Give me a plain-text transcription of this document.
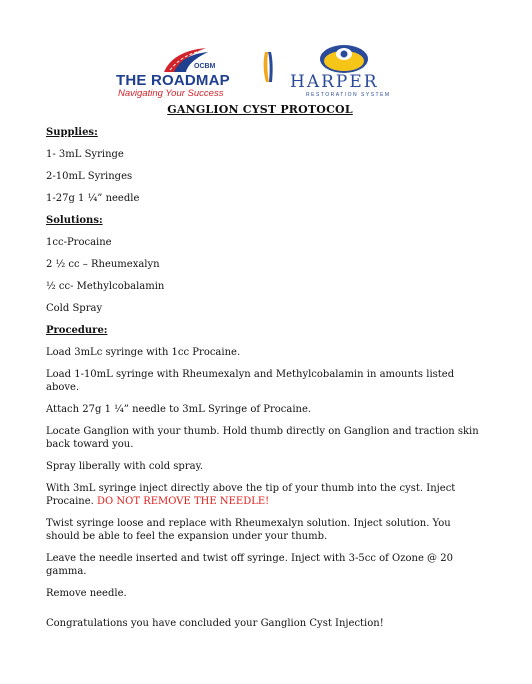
OCBM
THE ROADMAP
Navigating Your Success
HARPER
RESTORATION SYSTEM
GANGLION CYST PROTOCOL
Supplies:
1- 3mL Syringe
2-10mL Syringes
1-27g 1 ¼” needle
Solutions:
1cc-Procaine
2 ½ cc – Rheumexalyn
½ cc- Methylcobalamin
Cold Spray
Procedure:
Load 3mLc syringe with 1cc Procaine.
Load 1-10mL syringe with Rheumexalyn and Methylcobalamin in amounts listed above.
Attach 27g 1 ¼” needle to 3mL Syringe of Procaine.
Locate Ganglion with your thumb. Hold thumb directly on Ganglion and traction skin back toward you.
Spray liberally with cold spray.
With 3mL syringe inject directly above the tip of your thumb into the cyst. Inject Procaine. DO NOT REMOVE THE NEEDLE!
Twist syringe loose and replace with Rheumexalyn solution. Inject solution. You should be able to feel the expansion under your thumb.
Leave the needle inserted and twist off syringe. Inject with 3-5cc of Ozone @ 20 gamma.
Remove needle.
Congratulations you have concluded your Ganglion Cyst Injection!
